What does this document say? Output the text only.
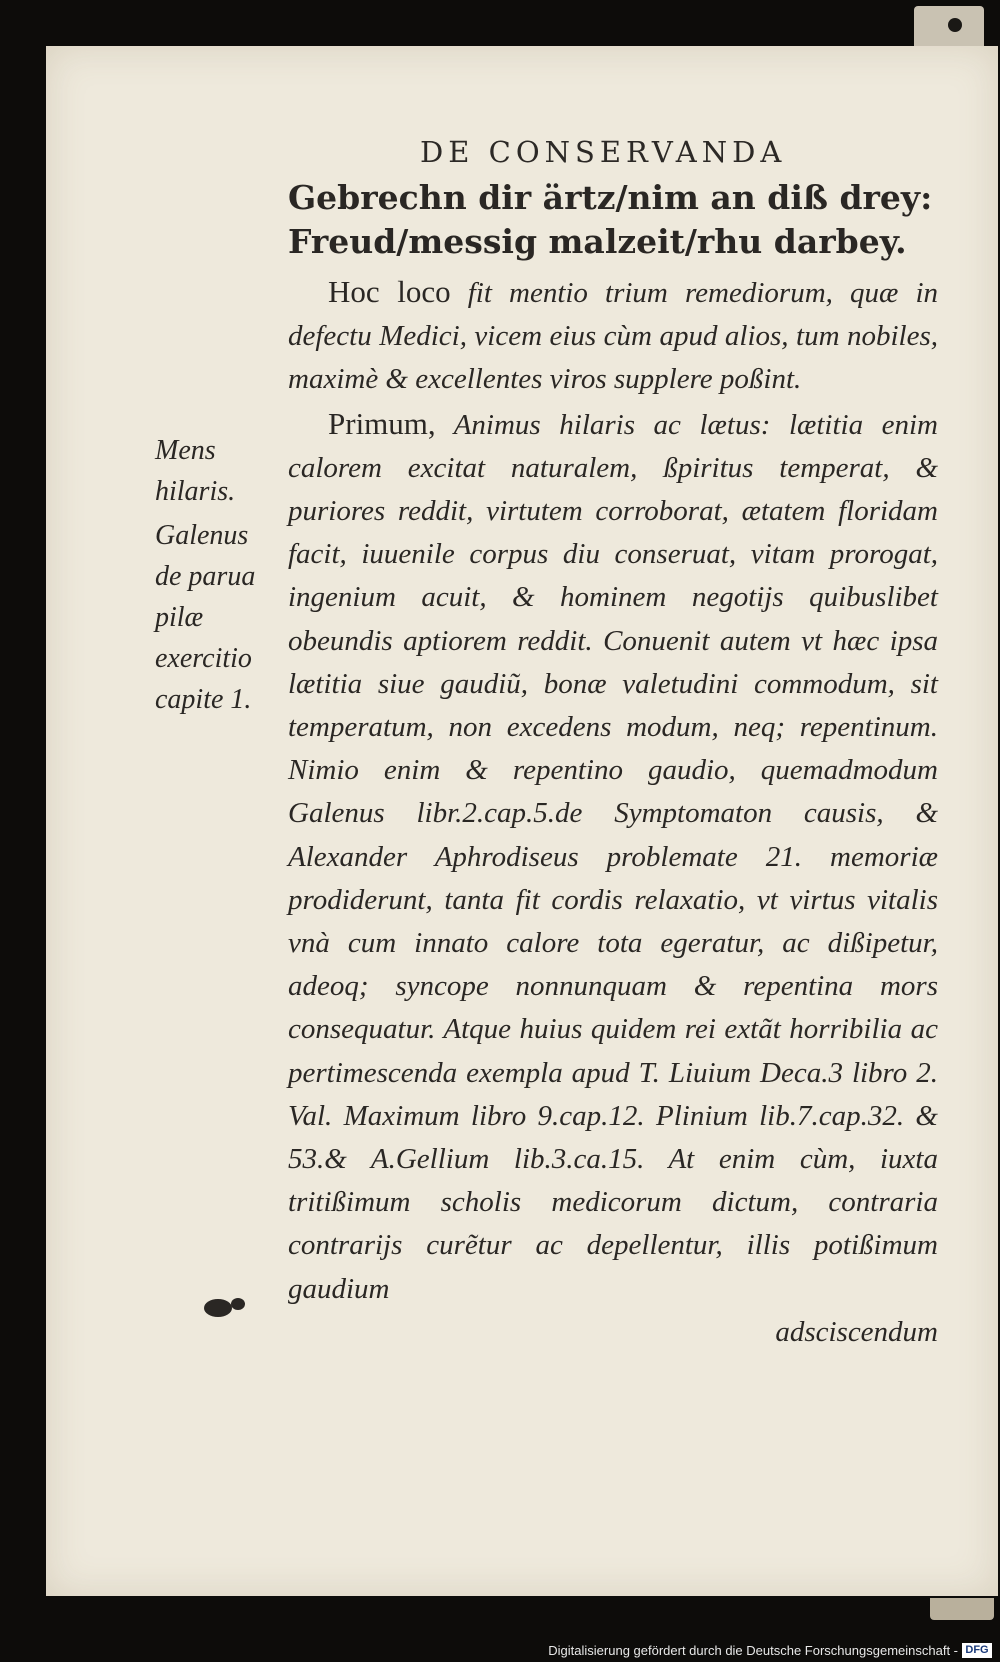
DE CONSERVANDA
Gebrechn dir ärtz/nim an diß drey:
Freud/messig malzeit/rhu darbey.

Hoc loco fit mentio trium remediorum, quæ in defectu Medici, vicem eius cùm apud alios, tum nobiles, maximè & excellentes viros supplere poßint.

Primum, Animus hilaris ac lætus: lætitia enim calorem excitat naturalem, ßpiritus temperat, & puriores reddit, virtutem corroborat, ætatem floridam facit, iuuenile corpus diu conseruat, vitam prorogat, ingenium acuit, & hominem negotijs quibuslibet obeundis aptiorem reddit. Conuenit autem vt hæc ipsa lætitia siue gaudiũ, bonæ valetudini commodum, sit temperatum, non excedens modum, neq; repentinum. Nimio enim & repentino gaudio, quemadmodum Galenus libr.2.cap.5.de Symptomaton causis, & Alexander Aphrodiseus problemate 21. memoriæ prodiderunt, tanta fit cordis relaxatio, vt virtus vitalis vnà cum innato calore tota egeratur, ac dißipetur, adeoq; syncope nonnunquam & repentina mors consequatur. Atque huius quidem rei extãt horribilia ac pertimescenda exempla apud T. Liuium Deca.3 libro 2. Val. Maximum libro 9.cap.12. Plinium lib.7.cap.32. & 53.& A.Gellium lib.3.ca.15. At enim cùm, iuxta tritißimum scholis medicorum dictum, contraria contrarijs curẽtur ac depellentur, illis potißimum gaudium

adsciscendum

Mens hilaris.
Galenus de parua pilæ exercitio capite 1.
Digitalisierung gefördert durch die Deutsche Forschungsgemeinschaft - DFG
